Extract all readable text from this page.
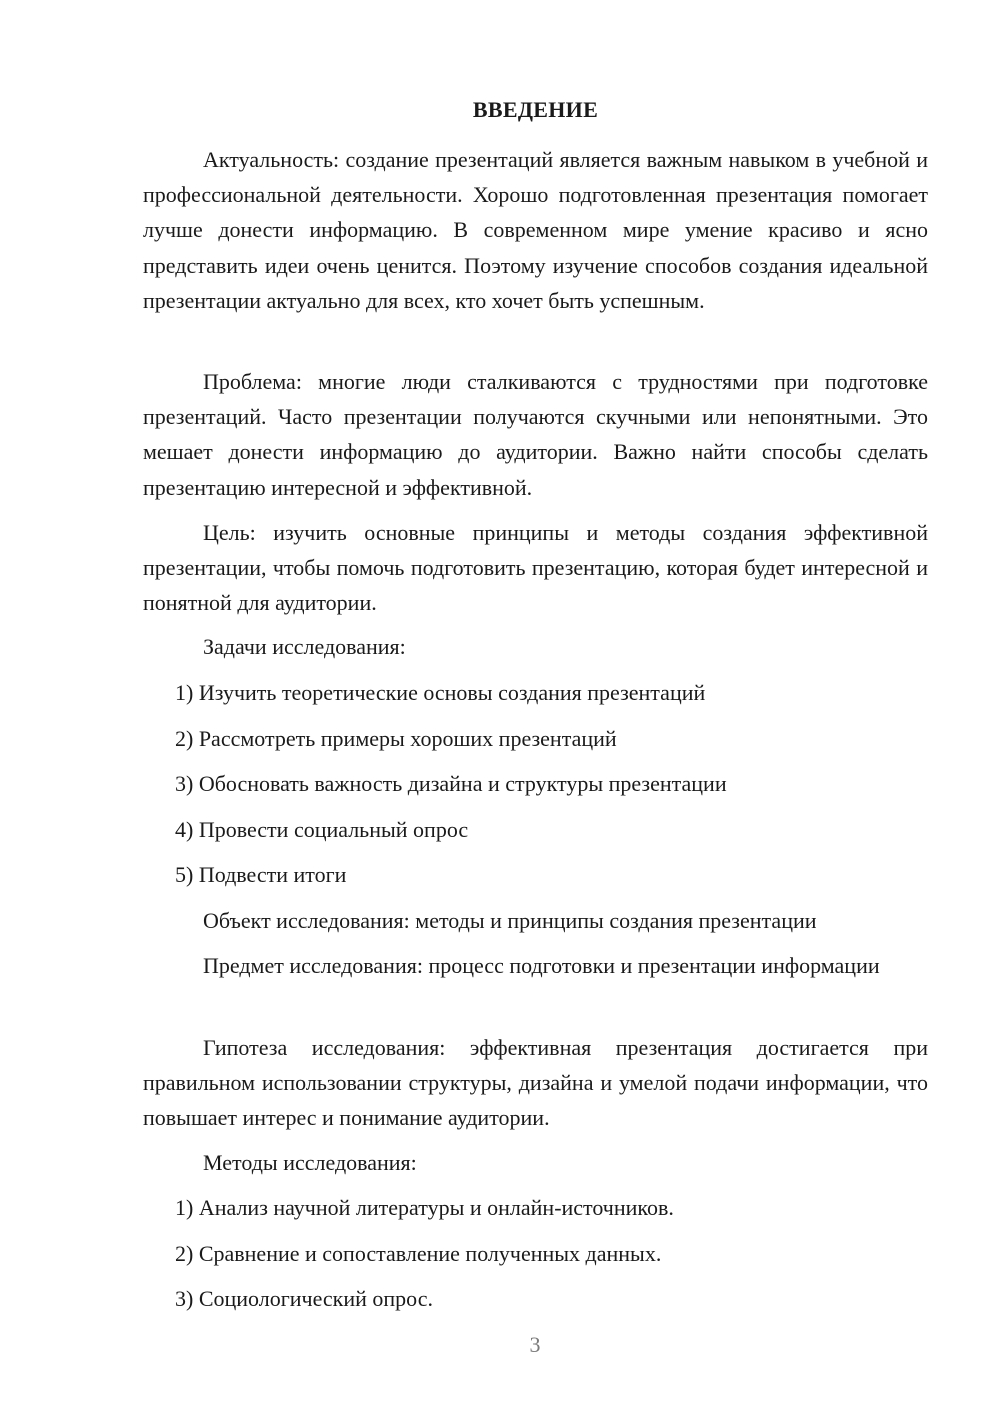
ВВЕДЕНИЕ

Актуальность: создание презентаций является важным навыком в учебной и профессиональной деятельности. Хорошо подготовленная презентация помогает лучше донести информацию. В современном мире умение красиво и ясно представить идеи очень ценится. Поэтому изучение способов создания идеальной презентации актуально для всех, кто хочет быть успешным.

Проблема: многие люди сталкиваются с трудностями при подготовке презентаций. Часто презентации получаются скучными или непонятными. Это мешает донести информацию до аудитории. Важно найти способы сделать презентацию интересной и эффективной.

Цель: изучить основные принципы и методы создания эффективной презентации, чтобы помочь подготовить презентацию, которая будет интересной и понятной для аудитории.

Задачи исследования:

1) Изучить теоретические основы создания презентаций
2) Рассмотреть примеры хороших презентаций
3) Обосновать важность дизайна и структуры презентации
4) Провести социальный опрос
5) Подвести итоги

Объект исследования: методы и принципы создания презентации

Предмет исследования: процесс подготовки и презентации информации

Гипотеза исследования: эффективная презентация достигается при правильном использовании структуры, дизайна и умелой подачи информации, что повышает интерес и понимание аудитории.

Методы исследования:

1) Анализ научной литературы и онлайн-источников.
2) Сравнение и сопоставление полученных данных.
3) Социологический опрос.
3
